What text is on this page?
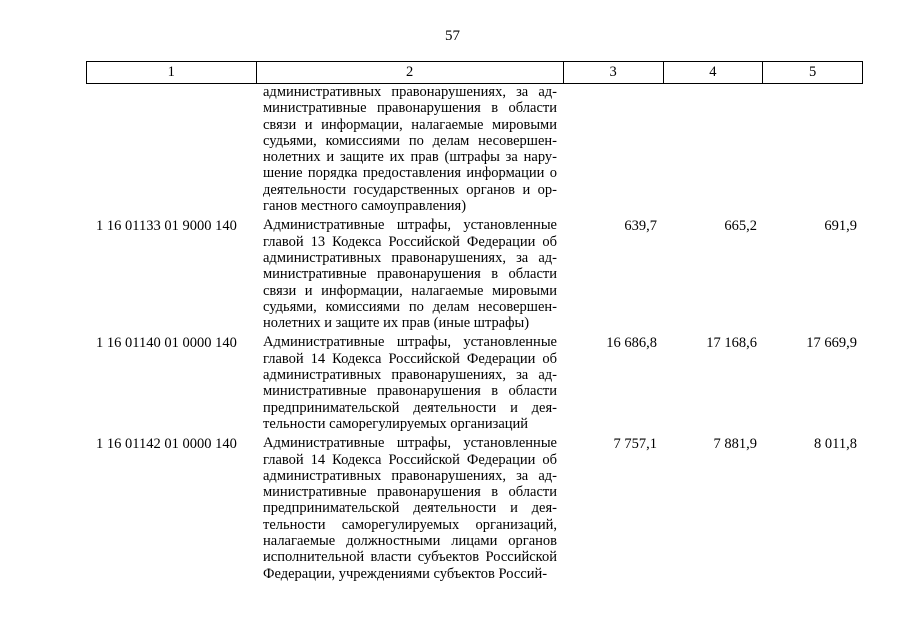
57
1	2	3	4	5
административных правонарушениях, за ад-
министративные правонарушения в области
связи и информации, налагаемые мировыми
судьями, комиссиями по делам несовершен-
нолетних и защите их прав (штрафы за нару-
шение порядка предоставления информации о
деятельности государственных органов и ор-
ганов местного самоуправления)
1 16 01133 01 9000 140	Административные штрафы, установленные
главой 13 Кодекса Российской Федерации об
административных правонарушениях, за ад-
министративные правонарушения в области
связи и информации, налагаемые мировыми
судьями, комиссиями по делам несовершен-
нолетних и защите их прав (иные штрафы)
639,7	665,2	691,9
1 16 01140 01 0000 140	Административные штрафы, установленные
главой 14 Кодекса Российской Федерации об
административных правонарушениях, за ад-
министративные правонарушения в области
предпринимательской деятельности и дея-
тельности саморегулируемых организаций
16 686,8	17 168,6	17 669,9
1 16 01142 01 0000 140	Административные штрафы, установленные
главой 14 Кодекса Российской Федерации об
административных правонарушениях, за ад-
министративные правонарушения в области
предпринимательской деятельности и дея-
тельности саморегулируемых организаций,
налагаемые должностными лицами органов
исполнительной власти субъектов Российской
Федерации, учреждениями субъектов Россий-
7 757,1	7 881,9	8 011,8
